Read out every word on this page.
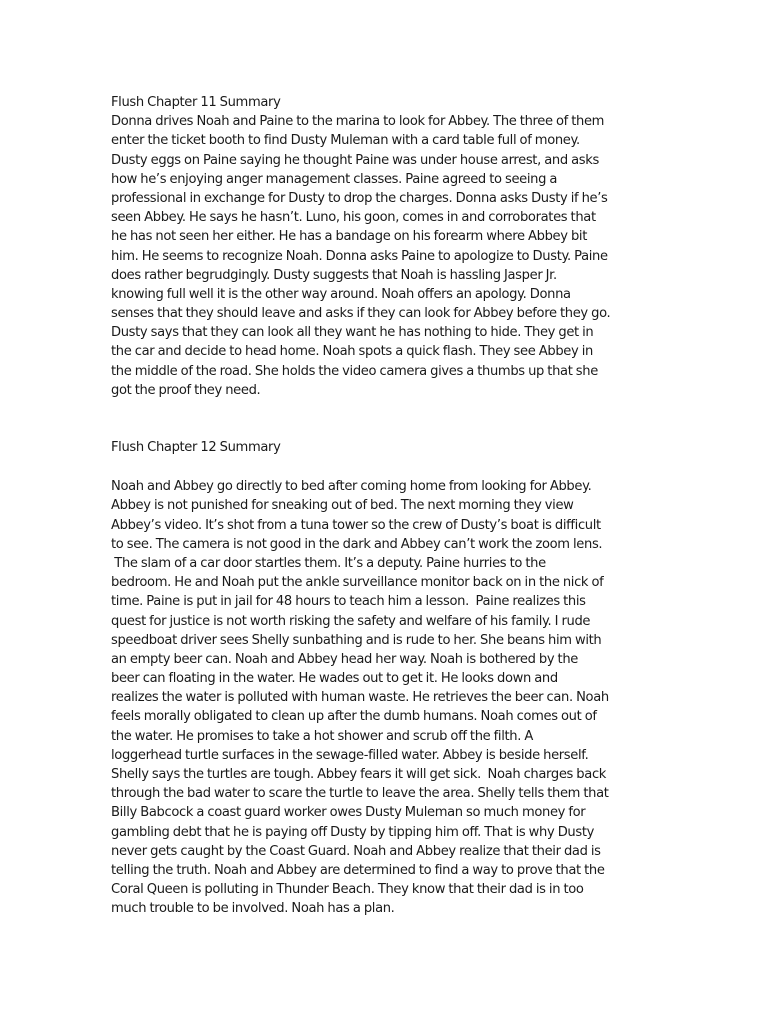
Flush Chapter 11 Summary
Donna drives Noah and Paine to the marina to look for Abbey. The three of them
enter the ticket booth to find Dusty Muleman with a card table full of money.
Dusty eggs on Paine saying he thought Paine was under house arrest, and asks
how he’s enjoying anger management classes. Paine agreed to seeing a
professional in exchange for Dusty to drop the charges. Donna asks Dusty if he’s
seen Abbey. He says he hasn’t. Luno, his goon, comes in and corroborates that
he has not seen her either. He has a bandage on his forearm where Abbey bit
him. He seems to recognize Noah. Donna asks Paine to apologize to Dusty. Paine
does rather begrudgingly. Dusty suggests that Noah is hassling Jasper Jr.
knowing full well it is the other way around. Noah offers an apology. Donna
senses that they should leave and asks if they can look for Abbey before they go.
Dusty says that they can look all they want he has nothing to hide. They get in
the car and decide to head home. Noah spots a quick flash. They see Abbey in
the middle of the road. She holds the video camera gives a thumbs up that she
got the proof they need.
Flush Chapter 12 Summary
Noah and Abbey go directly to bed after coming home from looking for Abbey.
Abbey is not punished for sneaking out of bed. The next morning they view
Abbey’s video. It’s shot from a tuna tower so the crew of Dusty’s boat is difficult
to see. The camera is not good in the dark and Abbey can’t work the zoom lens.
The slam of a car door startles them. It’s a deputy. Paine hurries to the
bedroom. He and Noah put the ankle surveillance monitor back on in the nick of
time. Paine is put in jail for 48 hours to teach him a lesson.  Paine realizes this
quest for justice is not worth risking the safety and welfare of his family. I rude
speedboat driver sees Shelly sunbathing and is rude to her. She beans him with
an empty beer can. Noah and Abbey head her way. Noah is bothered by the
beer can floating in the water. He wades out to get it. He looks down and
realizes the water is polluted with human waste. He retrieves the beer can. Noah
feels morally obligated to clean up after the dumb humans. Noah comes out of
the water. He promises to take a hot shower and scrub off the filth. A
loggerhead turtle surfaces in the sewage-filled water. Abbey is beside herself.
Shelly says the turtles are tough. Abbey fears it will get sick.  Noah charges back
through the bad water to scare the turtle to leave the area. Shelly tells them that
Billy Babcock a coast guard worker owes Dusty Muleman so much money for
gambling debt that he is paying off Dusty by tipping him off. That is why Dusty
never gets caught by the Coast Guard. Noah and Abbey realize that their dad is
telling the truth. Noah and Abbey are determined to find a way to prove that the
Coral Queen is polluting in Thunder Beach. They know that their dad is in too
much trouble to be involved. Noah has a plan.
